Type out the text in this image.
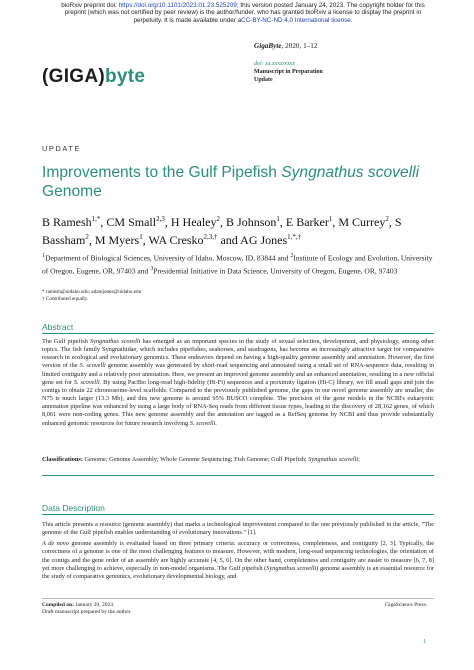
bioRxiv preprint doi: https://doi.org/10.1101/2023.01.23.525209; this version posted January 24, 2023. The copyright holder for this
preprint (which was not certified by peer review) is the author/funder, who has granted bioRxiv a license to display the preprint in
perpetuity. It is made available under aCC-BY-NC-ND 4.0 International license.
(GIGA)byte
GigaByte, 2020, 1–12
doi: xx.xxxx/xxxx
Manuscript in Preparation
Update
UPDATE
Improvements to the Gulf Pipefish Syngnathus scovelli Genome
B Ramesh$^{1,*}$, CM Small$^{2,3}$, H Healey$^2$, B Johnson$^1$, E Barker$^1$, M Currey$^2$, S Bassham$^2$, M Myers$^1$, WA Cresko$^{2,3,\dagger}$ and AG Jones$^{1,*,\dagger}$
$^1$Department of Biological Sciences, University of Idaho, Moscow, ID, 83844 and $^2$Institute of Ecology and Evolution, University of Oregon, Eugene, OR, 97403 and $^3$Presidential Initiative in Data Science, University of Oregon, Eugene, OR, 97403
* ramesh@uidaho.edu; adamjones@uidaho.edu
† Contributed equally.
Abstract
The Gulf pipefish Syngnathus scovelli has emerged as an important species in the study of sexual selection, development, and physiology, among other topics. The fish family Syngnathidae, which includes pipefishes, seahorses, and seadragons, has become an increasingly attractive target for comparative research in ecological and evolutionary genomics. These endeavors depend on having a high-quality genome assembly and annotation. However, the first version of the S. scovelli genome assembly was generated by short-read sequencing and annotated using a small set of RNA-sequence data, resulting in limited contiguity and a relatively poor annotation. Here, we present an improved genome assembly and an enhanced annotation, resulting in a new official gene set for S. scovelli. By using PacBio long-read high-fidelity (Hi-Fi) sequences and a proximity ligation (Hi-C) library, we fill small gaps and join the contigs to obtain 22 chromosome-level scaffolds. Compared to the previously published genome, the gaps in our novel genome assembly are smaller, the N75 is much larger (13.3 Mb), and this new genome is around 95% BUSCO complete. The precision of the gene models in the NCBI's eukaryotic annotation pipeline was enhanced by using a large body of RNA-Seq reads from different tissue types, leading to the discovery of 28,162 genes, of which 8,061 were non-coding genes. This new genome assembly and the annotation are tagged as a RefSeq genome by NCBI and thus provide substantially enhanced genomic resources for future research involving S. scovelli.
Classifications: Genome; Genome Assembly; Whole Genome Sequencing; Fish Genome; Gulf Pipefish; Syngnathus scovelli;
Data Description

This article presents a resource (genome assembly) that marks a technological improvement compared to the one previously published in the article, "The genome of the Gulf pipefish enables understanding of evolutionary innovations." [1].

A de novo genome assembly is evaluated based on three primary criteria: accuracy or correctness, completeness, and contiguity [2, 3]. Typically, the correctness of a genome is one of the most challenging features to measure. However, with modern, long-read sequencing technologies, the orientation of the contigs and the gene order of an assembly are highly accurate [4, 5, 6]. On the other hand, completeness and contiguity are easier to measure [6, 7, 8] yet more challenging to achieve, especially in non-model organisms. The Gulf pipefish (Syngnathus scovelli) genome assembly is an essential resource for the study of comparative genomics, evolutionary developmental biology, and

Compiled on: January 20, 2023.
Draft manuscript prepared by the author.
GigaScience Press.
1
